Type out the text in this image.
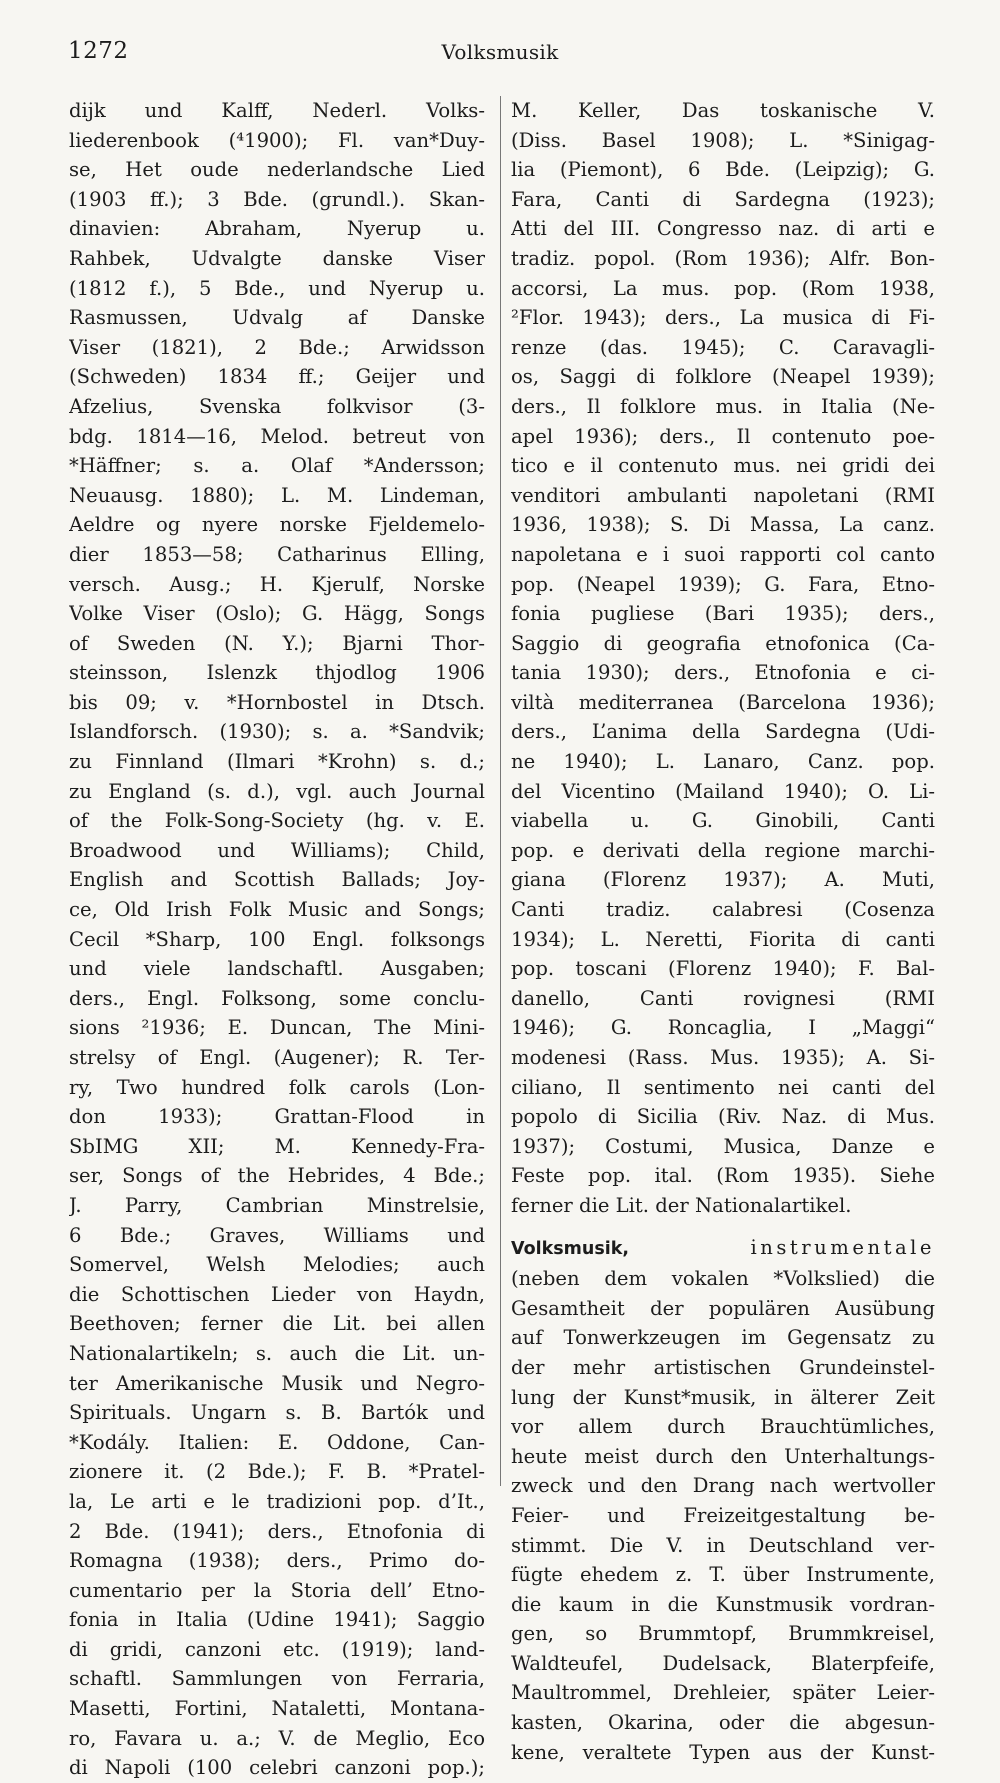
1272	Volksmusik
dijk und Kalff, Nederl. Volks-
liederenbook (⁴1900); Fl. van*Duy-
se, Het oude nederlandsche Lied
(1903 ff.); 3 Bde. (grundl.). Skan-
dinavien: Abraham, Nyerup u.
Rahbek, Udvalgte danske Viser
(1812 f.), 5 Bde., und Nyerup u.
Rasmussen, Udvalg af Danske
Viser (1821), 2 Bde.; Arwidsson
(Schweden) 1834 ff.; Geijer und
Afzelius, Svenska folkvisor (3-
bdg. 1814—16, Melod. betreut von
*Häffner; s. a. Olaf *Andersson;
Neuausg. 1880); L. M. Lindeman,
Aeldre og nyere norske Fjeldemelo-
dier 1853—58; Catharinus Elling,
versch. Ausg.; H. Kjerulf, Norske
Volke Viser (Oslo); G. Hägg, Songs
of Sweden (N. Y.); Bjarni Thor-
steinsson, Islenzk thjodlog 1906
bis 09; v. *Hornbostel in Dtsch.
Islandforsch. (1930); s. a. *Sandvik;
zu Finnland (Ilmari *Krohn) s. d.;
zu England (s. d.), vgl. auch Journal
of the Folk-Song-Society (hg. v. E.
Broadwood und Williams); Child,
English and Scottish Ballads; Joy-
ce, Old Irish Folk Music and Songs;
Cecil *Sharp, 100 Engl. folksongs
und viele landschaftl. Ausgaben;
ders., Engl. Folksong, some conclu-
sions ²1936; E. Duncan, The Mini-
strelsy of Engl. (Augener); R. Ter-
ry, Two hundred folk carols (Lon-
don 1933); Grattan-Flood in
SbIMG XII; M. Kennedy-Fra-
ser, Songs of the Hebrides, 4 Bde.;
J. Parry, Cambrian Minstrelsie,
6 Bde.; Graves, Williams und
Somervel, Welsh Melodies; auch
die Schottischen Lieder von Haydn,
Beethoven; ferner die Lit. bei allen
Nationalartikeln; s. auch die Lit. un-
ter Amerikanische Musik und Negro-
Spirituals. Ungarn s. B. Bartók und
*Kodály. Italien: E. Oddone, Can-
zionere it. (2 Bde.); F. B. *Pratel-
la, Le arti e le tradizioni pop. d’It.,
2 Bde. (1941); ders., Etnofonia di
Romagna (1938); ders., Primo do-
cumentario per la Storia dell’ Etno-
fonia in Italia (Udine 1941); Saggio
di gridi, canzoni etc. (1919); land-
schaftl. Sammlungen von Ferraria,
Masetti, Fortini, Nataletti, Montana-
ro, Favara u. a.; V. de Meglio, Eco
di Napoli (100 celebri canzoni pop.);
M. Keller, Das toskanische V.
(Diss. Basel 1908); L. *Sinigag-
lia (Piemont), 6 Bde. (Leipzig); G.
Fara, Canti di Sardegna (1923);
Atti del III. Congresso naz. di arti e
tradiz. popol. (Rom 1936); Alfr. Bon-
accorsi, La mus. pop. (Rom 1938,
²Flor. 1943); ders., La musica di Fi-
renze (das. 1945); C. Caravagli-
os, Saggi di folklore (Neapel 1939);
ders., Il folklore mus. in Italia (Ne-
apel 1936); ders., Il contenuto poe-
tico e il contenuto mus. nei gridi dei
venditori ambulanti napoletani (RMI
1936, 1938); S. Di Massa, La canz.
napoletana e i suoi rapporti col canto
pop. (Neapel 1939); G. Fara, Etno-
fonia pugliese (Bari 1935); ders.,
Saggio di geografia etnofonica (Ca-
tania 1930); ders., Etnofonia e ci-
viltà mediterranea (Barcelona 1936);
ders., L’anima della Sardegna (Udi-
ne 1940); L. Lanaro, Canz. pop.
del Vicentino (Mailand 1940); O. Li-
viabella u. G. Ginobili, Canti
pop. e derivati della regione marchi-
giana (Florenz 1937); A. Muti,
Canti tradiz. calabresi (Cosenza
1934); L. Neretti, Fiorita di canti
pop. toscani (Florenz 1940); F. Bal-
danello, Canti rovignesi (RMI
1946); G. Roncaglia, I „Maggi“
modenesi (Rass. Mus. 1935); A. Si-
ciliano, Il sentimento nei canti del
popolo di Sicilia (Riv. Naz. di Mus.
1937); Costumi, Musica, Danze e
Feste pop. ital. (Rom 1935). Siehe
ferner die Lit. der Nationalartikel.
Volksmusik,	instrumentale
(neben dem vokalen *Volkslied) die
Gesamtheit der populären Ausübung
auf Tonwerkzeugen im Gegensatz zu
der mehr artistischen Grundeinstel-
lung der Kunst*musik, in älterer Zeit
vor allem durch Brauchtümliches,
heute meist durch den Unterhaltungs-
zweck und den Drang nach wertvoller
Feier- und Freizeitgestaltung be-
stimmt. Die V. in Deutschland ver-
fügte ehedem z. T. über Instrumente,
die kaum in die Kunstmusik vordran-
gen, so Brummtopf, Brummkreisel,
Waldteufel, Dudelsack, Blaterpfeife,
Maultrommel, Drehleier, später Leier-
kasten, Okarina, oder die abgesun-
kene, veraltete Typen aus der Kunst-
